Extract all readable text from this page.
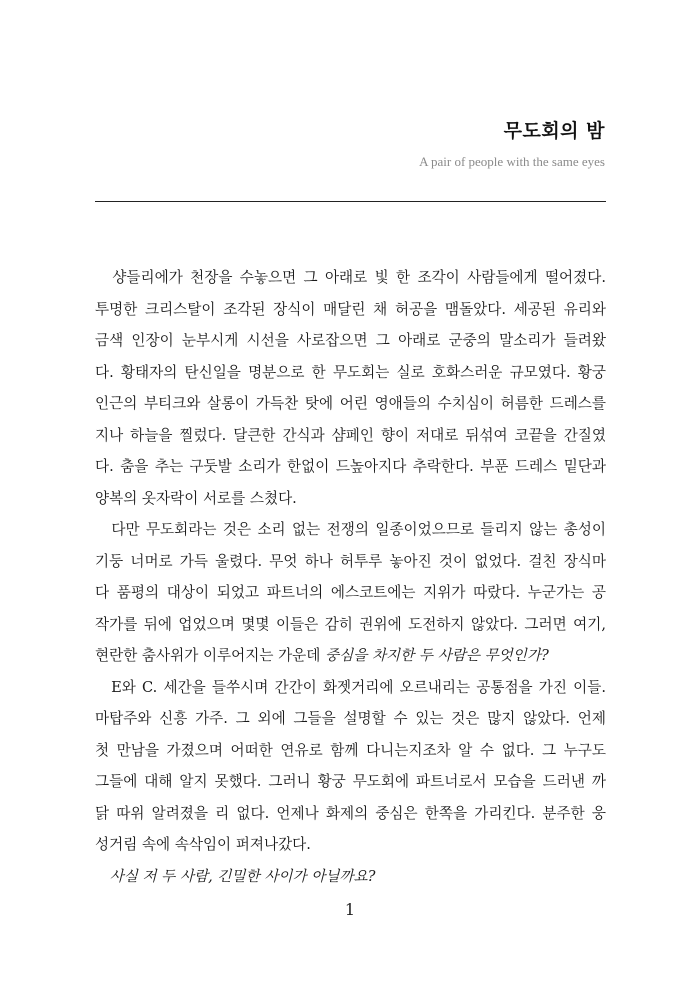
무도회의 밤
A pair of people with the same eyes
　샹들리에가 천장을 수놓으면 그 아래로 빛 한 조각이 사람들에게 떨어졌다.
투명한 크리스탈이 조각된 장식이 매달린 채 허공을 맴돌았다. 세공된 유리와
금색 인장이 눈부시게 시선을 사로잡으면 그 아래로 군중의 말소리가 들려왔
다. 황태자의 탄신일을 명분으로 한 무도회는 실로 호화스러운 규모였다. 황궁
인근의 부티크와 살롱이 가득찬 탓에 어린 영애들의 수치심이 허름한 드레스를
지나 하늘을 찔렀다. 달큰한 간식과 샴페인 향이 저대로 뒤섞여 코끝을 간질였
다. 춤을 추는 구둣발 소리가 한없이 드높아지다 추락한다. 부푼 드레스 밑단과
양복의 옷자락이 서로를 스쳤다.
　다만 무도회라는 것은 소리 없는 전쟁의 일종이었으므로 들리지 않는 총성이
기둥 너머로 가득 울렸다. 무엇 하나 허투루 놓아진 것이 없었다. 걸친 장식마
다 품평의 대상이 되었고 파트너의 에스코트에는 지위가 따랐다. 누군가는 공
작가를 뒤에 업었으며 몇몇 이들은 감히 권위에 도전하지 않았다. 그러면 여기,
현란한 춤사위가 이루어지는 가운데 중심을 차지한 두 사람은 무엇인가?
　E와 C. 세간을 들쑤시며 간간이 화젯거리에 오르내리는 공통점을 가진 이들.
마탑주와 신흥 가주. 그 외에 그들을 설명할 수 있는 것은 많지 않았다. 언제
첫 만남을 가졌으며 어떠한 연유로 함께 다니는지조차 알 수 없다. 그 누구도
그들에 대해 알지 못했다. 그러니 황궁 무도회에 파트너로서 모습을 드러낸 까
닭 따위 알려졌을 리 없다. 언제나 화제의 중심은 한쪽을 가리킨다. 분주한 웅
성거림 속에 속삭임이 퍼져나갔다.
　사실 저 두 사람, 긴밀한 사이가 아닐까요?
1
